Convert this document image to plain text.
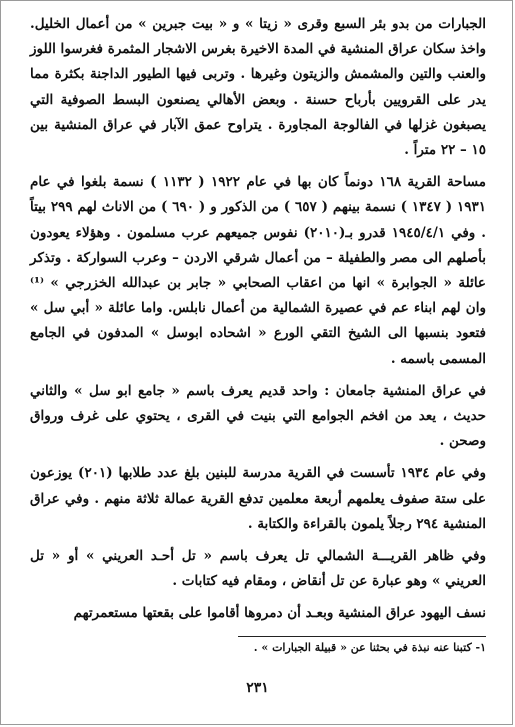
الجبارات من بدو بئر السبع وقرى « زيتا » و « بيت جبرين » من أعمال الخليل. واخذ سكان عراق المنشية في المدة الاخيرة بغرس الاشجار المثمرة فغرسوا اللوز والعنب والتين والمشمش والزيتون وغيرها . وتربى فيها الطيور الداجنة بكثرة مما يدر على القرويين بأرباح حسنة . وبعض الأهالي يصنعون البسط الصوفية التي يصبغون غزلها في الفالوجة المجاورة . يتراوح عمق الآبار في عراق المنشية بين ١٥ – ٢٢ متراً .

مساحة القرية ١٦٨ دونماً كان بها في عام ١٩٢٢ ( ١١٣٢ ) نسمة بلغوا في عام ١٩٣١ ( ١٣٤٧ ) نسمة بينهم ( ٦٥٧ ) من الذكور و ( ٦٩٠ ) من الاناث لهم ٢٩٩ بيتاً . وفي ١٩٤٥/٤/١ قدرو بـ(٢٠١٠) نفوس جميعهم عرب مسلمون . وهؤلاء يعودون بأصلهم الى مصر والطفيلة – من أعمال شرقي الاردن – وعرب السواركة . وتذكر عائلة « الجوابرة » انها من اعقاب الصحابي « جابر بن عبدالله الخزرجي » ⁽¹⁾ وان لهم ابناء عم في عصيرة الشمالية من أعمال نابلس. واما عائلة « أبي سل » فتعود بنسبها الى الشيخ التقي الورع « اشحاده ابوسل » المدفون في الجامع المسمى باسمه .

في عراق المنشية جامعان : واحد قديم يعرف باسم « جامع ابو سل » والثاني حديث ، يعد من افخم الجوامع التي بنيت في القرى ، يحتوي على غرف ورواق وصحن .

وفي عام ١٩٣٤ تأسست في القرية مدرسة للبنين بلغ عدد طلابها (٢٠١) يوزعون على ستة صفوف يعلمهم أربعة معلمين تدفع القرية عمالة ثلاثة منهم . وفي عراق المنشية ٢٩٤ رجلاً يلمون بالقراءة والكتابة .

وفي ظاهر القريـــة الشمالي تل يعرف باسم « تل أحـد العريني » أو « تل العريني » وهو عبارة عن تل أنقاض ، ومقام فيه كتابات .

نسف اليهود عراق المنشية وبعـد أن دمروها أقاموا على بقعتها مستعمرتهم

١- كتبنا عنه نبذة في بحثنا عن « قبيلة الجبارات » .
٢٣١
